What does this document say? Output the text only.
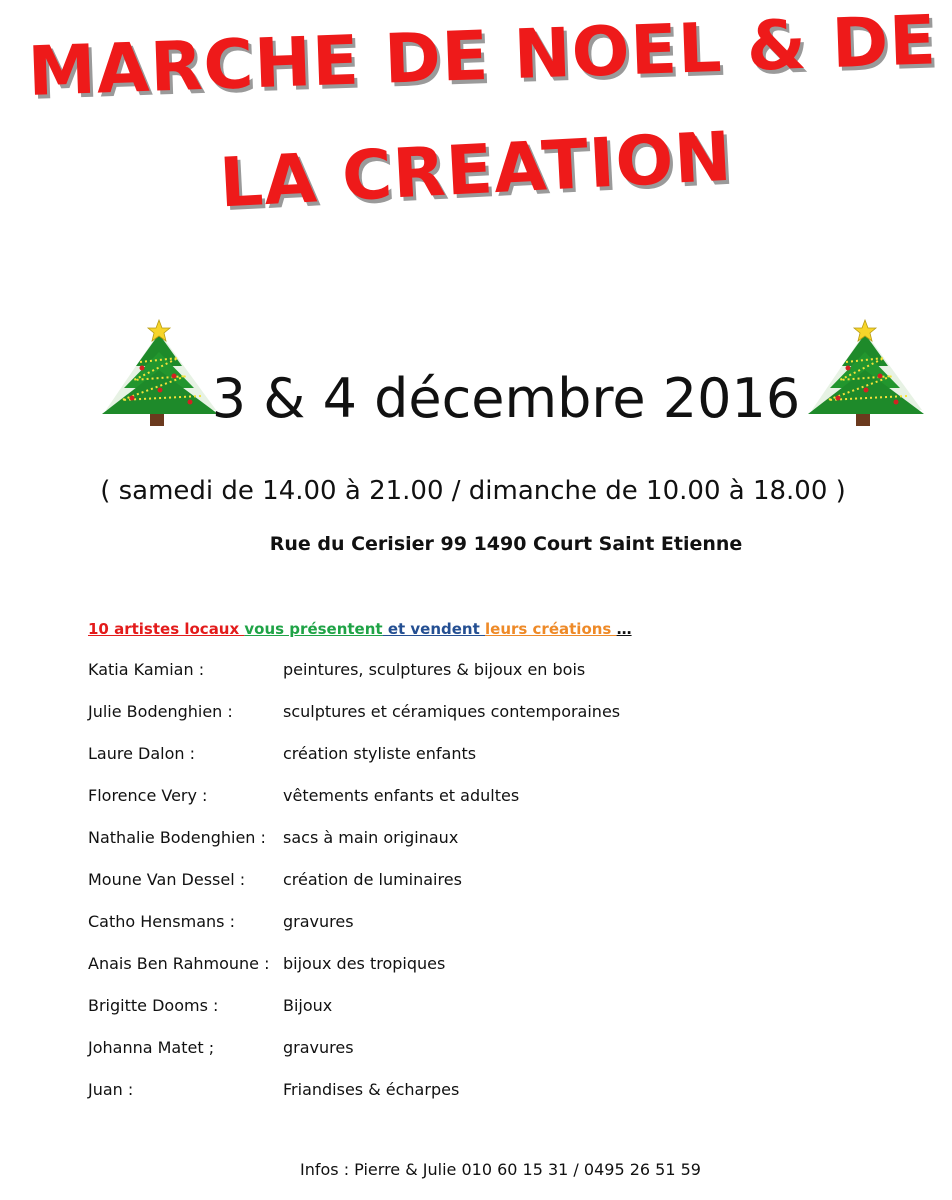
MARCHE DE NOEL & DE
LA CREATION
3 & 4 décembre 2016
( samedi de 14.00 à 21.00 / dimanche de 10.00 à 18.00 )
Rue du Cerisier 99 1490 Court Saint Etienne
10 artistes locaux vous présentent et vendent leurs créations …
Katia Kamian :	peintures, sculptures & bijoux en bois
Julie Bodenghien :	sculptures et céramiques contemporaines
Laure Dalon :	création styliste enfants
Florence Very :	vêtements enfants et adultes
Nathalie Bodenghien : sacs à main originaux
Moune Van Dessel : création de luminaires
Catho Hensmans :	gravures
Anais Ben Rahmoune : bijoux des tropiques
Brigitte Dooms :	Bijoux
Johanna Matet ;	gravures
Juan :	Friandises & écharpes
Infos : Pierre & Julie 010 60 15 31 / 0495 26 51 59
